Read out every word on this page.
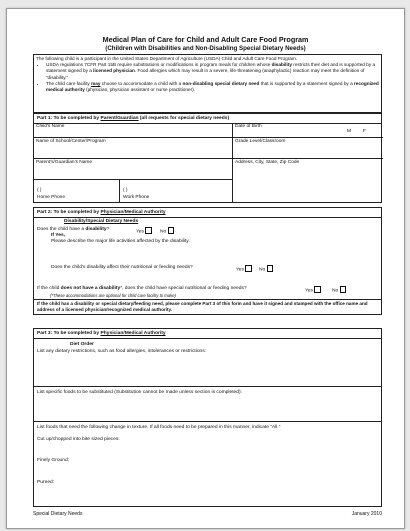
Medical Plan of Care for Child and Adult Care Food Program
(Children with Disabilities and Non-Disabling Special Dietary Needs)
The following child is a participant in the United States Department of Agriculture (USDA) Child and Adult Care Food Program.
• USDA regulations 7CFR Part 15B require substitutions or modifications in program meals for children whose disability restricts their diet and is supported by a statement signed by a licensed physician. Food allergies which may result in a severe, life-threatening (anaphylactic) reaction may meet the definition of “disability.”
• The child care facility may choose to accommodate a child with a non-disabling special dietary need that is supported by a statement signed by a recognized medical authority (physician, physician assistant or nurse practitioner).
Part 1: To be completed by Parent/Guardian (all requests for special dietary needs)
Child’s Name	Date of Birth
M	F
Name of School/Center/Program	Grade Level/Classroom
Parent’s/Guardian’s Name	Address, City, State, Zip Code
( )
Home Phone
( )
Work Phone
Part 2: To be completed by Physician/Medical Authority
Disability/Special Dietary Needs
Does the child have a disability?	Yes	No
If Yes,
Please describe the major life activities affected by the disability.
Does the child’s disability affect their nutritional or feeding needs?	Yes	No
If the child does not have a disability*, does the child have special nutritional or feeding needs?	Yes	No
(*These accommodations are optional for child care facility to make)
If the child has a disability or special dietary/feeding need, please complete Part 3 of this form and have it signed and stamped with the office name and address of a licensed physician/recognized medical authority.
Part 3: To be completed by Physician/Medical Authority
Diet Order
List any dietary restrictions, such as food allergies, intolerances or restrictions:
List specific foods to be substituted (Substitution cannot be made unless section is completed):
List foods that need the following change in texture. If all foods need to be prepared in this manner, indicate “All.”
Cut up/chopped into bite sized pieces:
Finely Ground:
Pureed:
Special Dietary Needs	January 2010
